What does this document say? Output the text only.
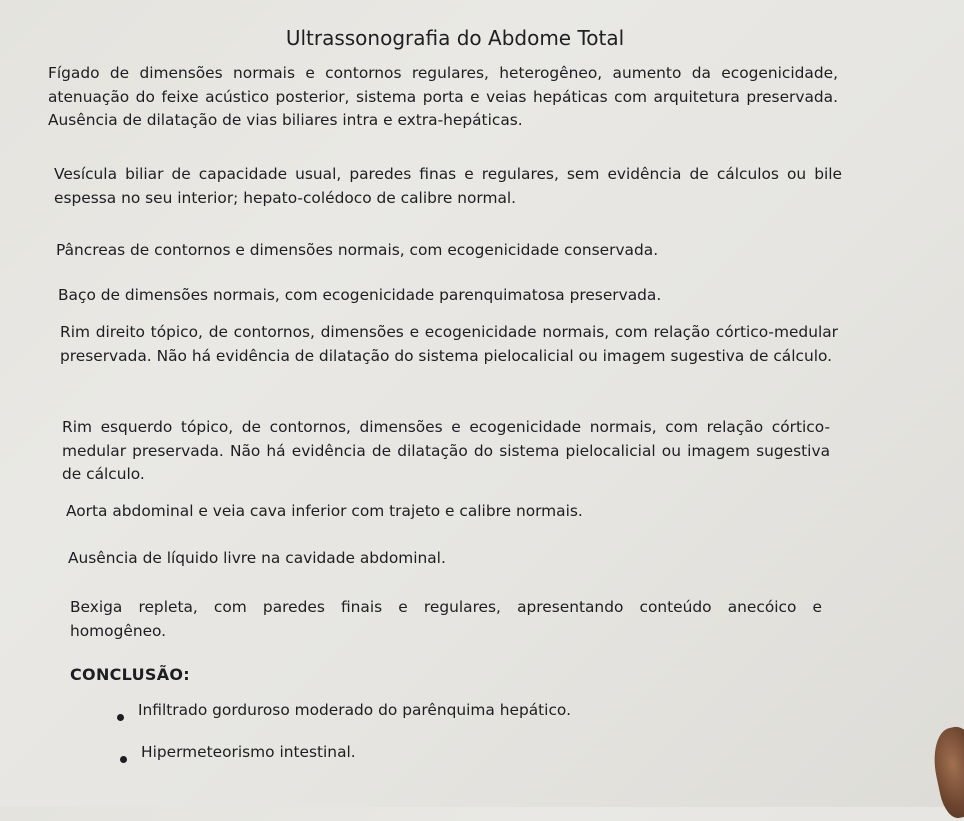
Ultrassonografia do Abdome Total

Fígado de dimensões normais e contornos regulares, heterogêneo, aumento da ecogenicidade, atenuação do feixe acústico posterior, sistema porta e veias hepáticas com arquitetura preservada. Ausência de dilatação de vias biliares intra e extra-hepáticas.

Vesícula biliar de capacidade usual, paredes finas e regulares, sem evidência de cálculos ou bile espessa no seu interior; hepato-colédoco de calibre normal.

Pâncreas de contornos e dimensões normais, com ecogenicidade conservada.

Baço de dimensões normais, com ecogenicidade parenquimatosa preservada.

Rim direito tópico, de contornos, dimensões e ecogenicidade normais, com relação córtico-medular preservada. Não há evidência de dilatação do sistema pielocalicial ou imagem sugestiva de cálculo.

Rim esquerdo tópico, de contornos, dimensões e ecogenicidade normais, com relação córtico-medular preservada. Não há evidência de dilatação do sistema pielocalicial ou imagem sugestiva de cálculo.

Aorta abdominal e veia cava inferior com trajeto e calibre normais.

Ausência de líquido livre na cavidade abdominal.

Bexiga repleta, com paredes finais e regulares, apresentando conteúdo anecóico e homogêneo.

CONCLUSÃO:
Infiltrado gorduroso moderado do parênquima hepático.
Hipermeteorismo intestinal.
